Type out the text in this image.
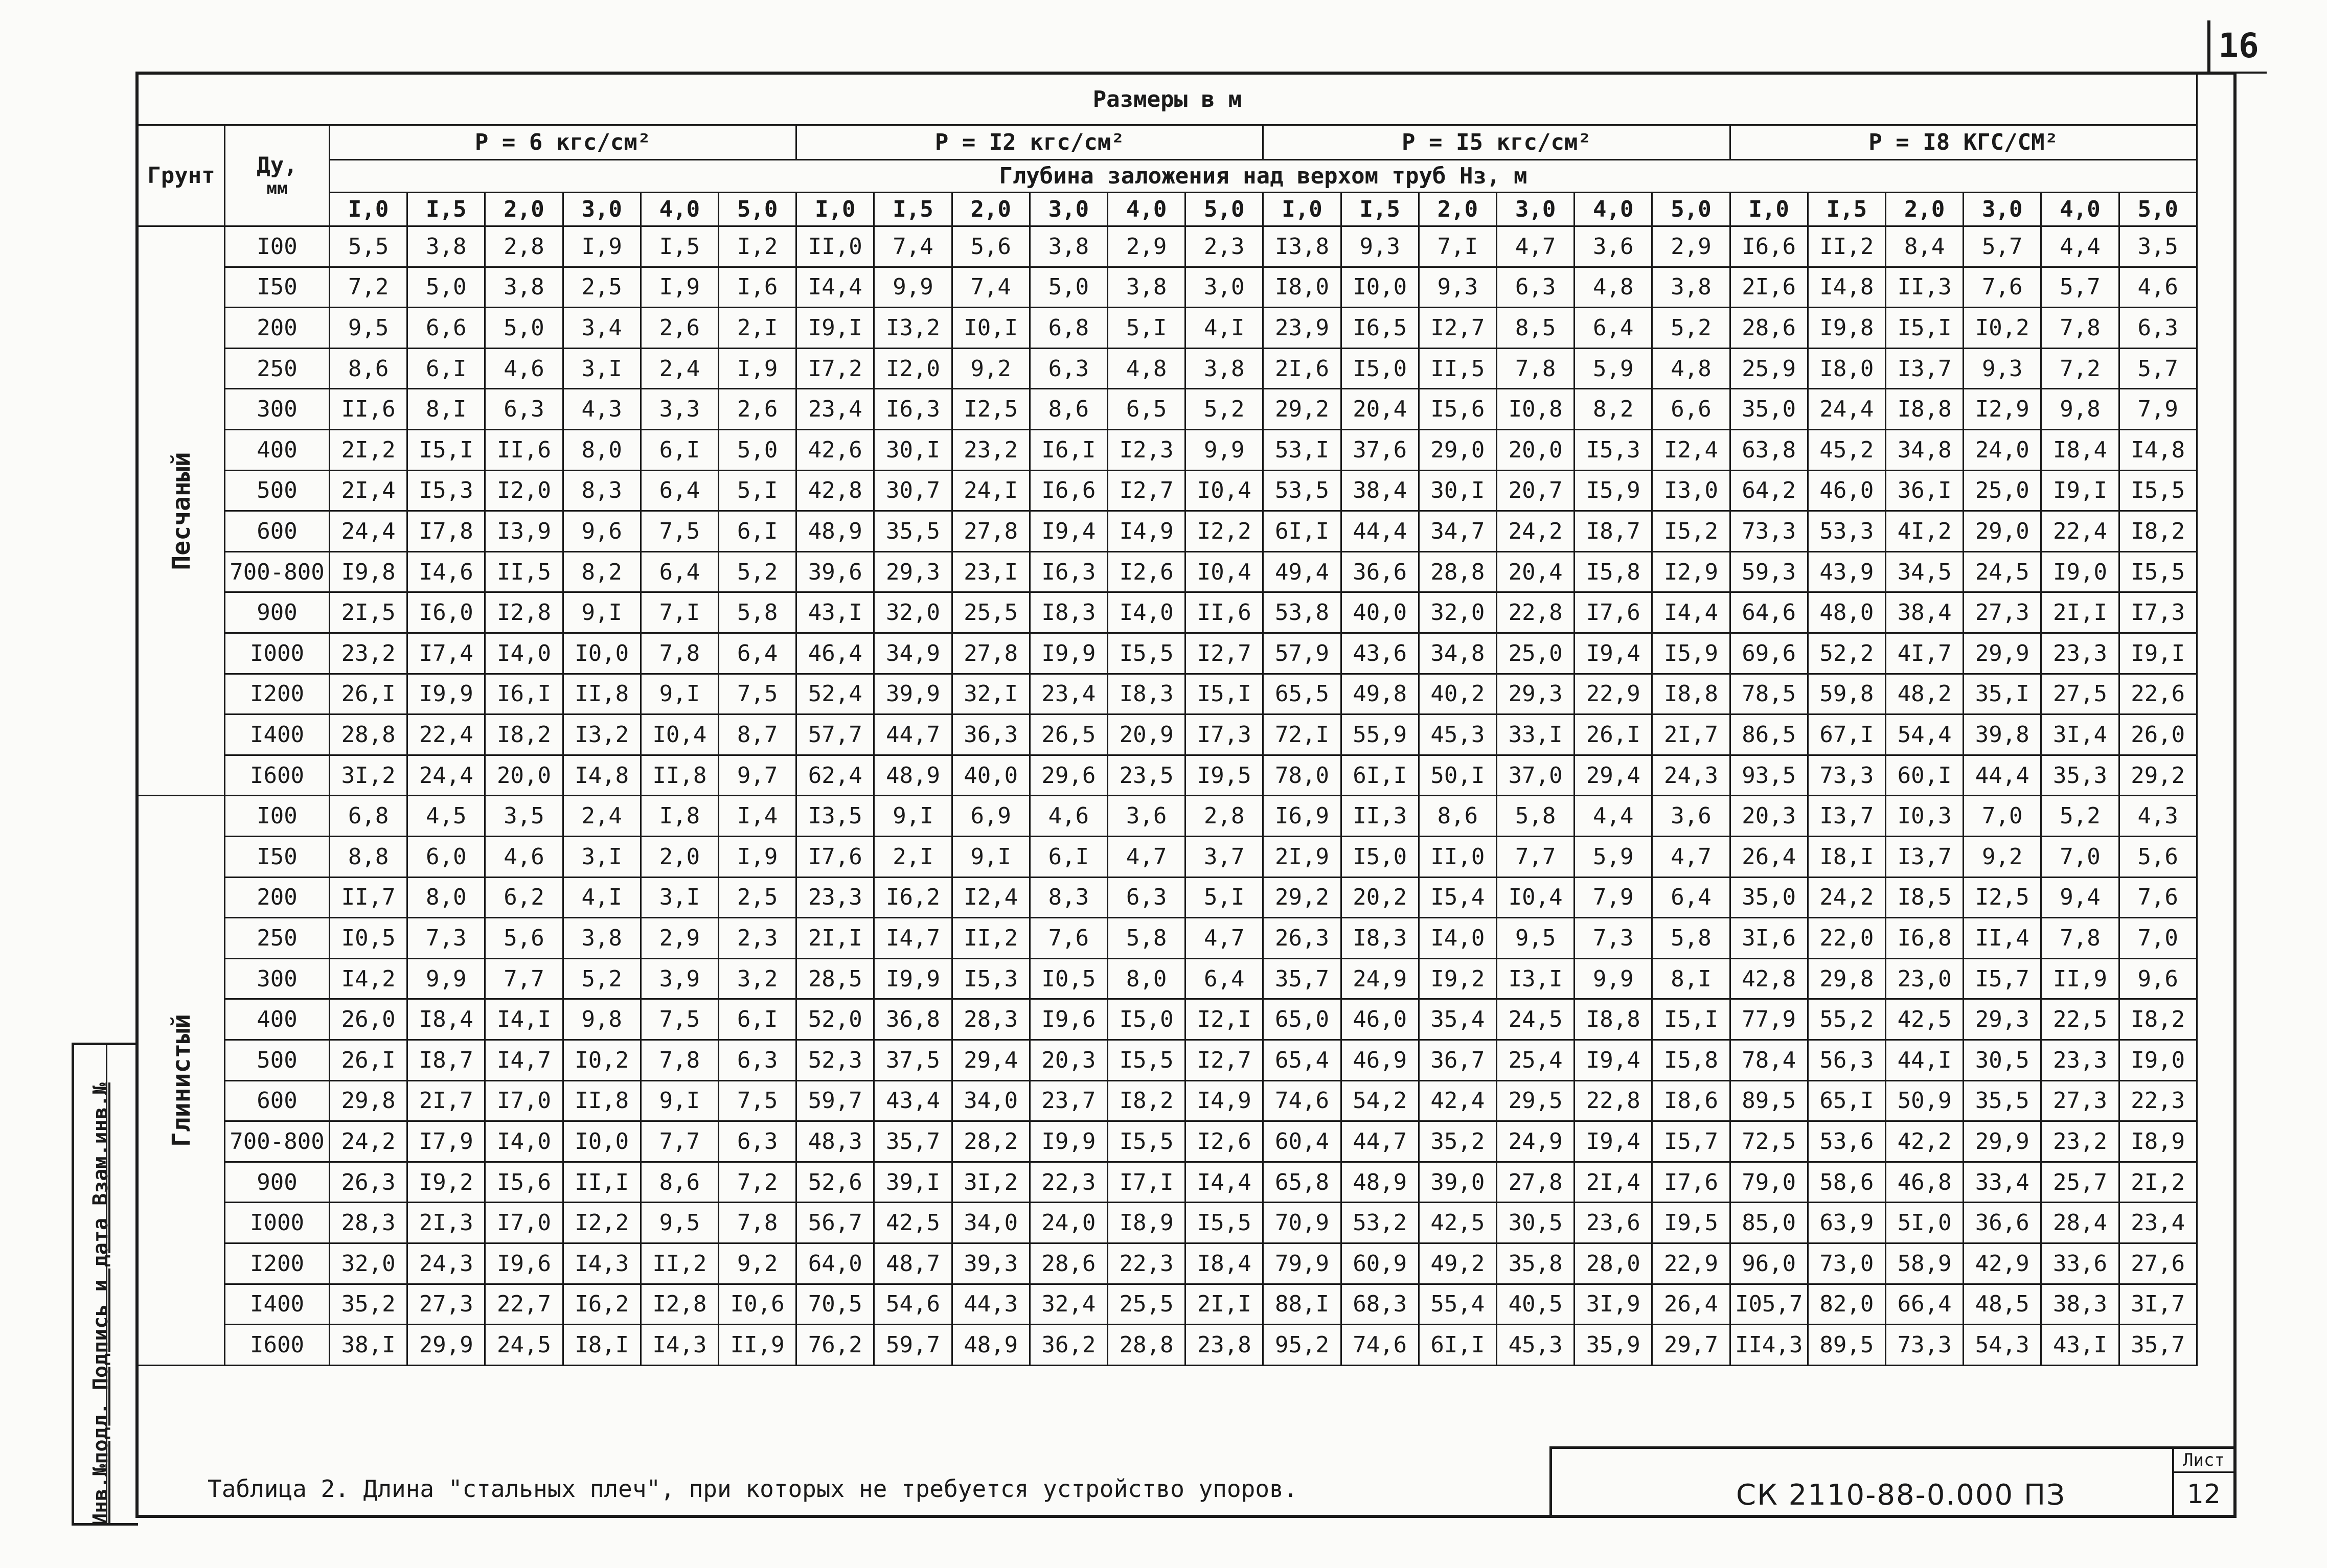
16
Инв.№подл. Подпись и дата Взам.инв.№
Размеры в м
Грунт	Ду,
мм
P = 6 кгс/см²	P = I2 кгс/см²	P = I5 кгс/см²	P = I8 КГС/СМ²
Глубина заложения над верхом труб Hз, м
I,0	I,5	2,0	3,0	4,0	5,0	I,0	I,5	2,0	3,0	4,0	5,0	I,0	I,5	2,0	3,0	4,0	5,0	I,0	I,5	2,0	3,0	4,0	5,0
Песчаный
I00	5,5	3,8	2,8	I,9	I,5	I,2	II,0	7,4	5,6	3,8	2,9	2,3	I3,8	9,3	7,I	4,7	3,6	2,9	I6,6	II,2	8,4	5,7	4,4	3,5
I50	7,2	5,0	3,8	2,5	I,9	I,6	I4,4	9,9	7,4	5,0	3,8	3,0	I8,0	I0,0	9,3	6,3	4,8	3,8	2I,6	I4,8	II,3	7,6	5,7	4,6
200	9,5	6,6	5,0	3,4	2,6	2,I	I9,I	I3,2	I0,I	6,8	5,I	4,I	23,9	I6,5	I2,7	8,5	6,4	5,2	28,6	I9,8	I5,I	I0,2	7,8	6,3
250	8,6	6,I	4,6	3,I	2,4	I,9	I7,2	I2,0	9,2	6,3	4,8	3,8	2I,6	I5,0	II,5	7,8	5,9	4,8	25,9	I8,0	I3,7	9,3	7,2	5,7
300	II,6	8,I	6,3	4,3	3,3	2,6	23,4	I6,3	I2,5	8,6	6,5	5,2	29,2	20,4	I5,6	I0,8	8,2	6,6	35,0	24,4	I8,8	I2,9	9,8	7,9
400	2I,2	I5,I	II,6	8,0	6,I	5,0	42,6	30,I	23,2	I6,I	I2,3	9,9	53,I	37,6	29,0	20,0	I5,3	I2,4	63,8	45,2	34,8	24,0	I8,4	I4,8
500	2I,4	I5,3	I2,0	8,3	6,4	5,I	42,8	30,7	24,I	I6,6	I2,7	I0,4	53,5	38,4	30,I	20,7	I5,9	I3,0	64,2	46,0	36,I	25,0	I9,I	I5,5
600	24,4	I7,8	I3,9	9,6	7,5	6,I	48,9	35,5	27,8	I9,4	I4,9	I2,2	6I,I	44,4	34,7	24,2	I8,7	I5,2	73,3	53,3	4I,2	29,0	22,4	I8,2
700-800 I9,8	I4,6	II,5	8,2	6,4	5,2	39,6	29,3	23,I	I6,3	I2,6	I0,4	49,4	36,6	28,8	20,4	I5,8	I2,9	59,3	43,9	34,5	24,5	I9,0	I5,5
900	2I,5	I6,0	I2,8	9,I	7,I	5,8	43,I	32,0	25,5	I8,3	I4,0	II,6	53,8	40,0	32,0	22,8	I7,6	I4,4	64,6	48,0	38,4	27,3	2I,I	I7,3
I000	23,2	I7,4	I4,0	I0,0	7,8	6,4	46,4	34,9	27,8	I9,9	I5,5	I2,7	57,9	43,6	34,8	25,0	I9,4	I5,9	69,6	52,2	4I,7	29,9	23,3	I9,I
I200	26,I	I9,9	I6,I	II,8	9,I	7,5	52,4	39,9	32,I	23,4	I8,3	I5,I	65,5	49,8	40,2	29,3	22,9	I8,8	78,5	59,8	48,2	35,I	27,5	22,6
I400	28,8	22,4	I8,2	I3,2	I0,4	8,7	57,7	44,7	36,3	26,5	20,9	I7,3	72,I	55,9	45,3	33,I	26,I	2I,7	86,5	67,I	54,4	39,8	3I,4	26,0
I600	3I,2	24,4	20,0	I4,8	II,8	9,7	62,4	48,9	40,0	29,6	23,5	I9,5	78,0	6I,I	50,I	37,0	29,4	24,3	93,5	73,3	60,I	44,4	35,3	29,2
Глинистый
I00	6,8	4,5	3,5	2,4	I,8	I,4	I3,5	9,I	6,9	4,6	3,6	2,8	I6,9	II,3	8,6	5,8	4,4	3,6	20,3	I3,7	I0,3	7,0	5,2	4,3
I50	8,8	6,0	4,6	3,I	2,0	I,9	I7,6	2,I	9,I	6,I	4,7	3,7	2I,9	I5,0	II,0	7,7	5,9	4,7	26,4	I8,I	I3,7	9,2	7,0	5,6
200	II,7	8,0	6,2	4,I	3,I	2,5	23,3	I6,2	I2,4	8,3	6,3	5,I	29,2	20,2	I5,4	I0,4	7,9	6,4	35,0	24,2	I8,5	I2,5	9,4	7,6
250	I0,5	7,3	5,6	3,8	2,9	2,3	2I,I	I4,7	II,2	7,6	5,8	4,7	26,3	I8,3	I4,0	9,5	7,3	5,8	3I,6	22,0	I6,8	II,4	7,8	7,0
300	I4,2	9,9	7,7	5,2	3,9	3,2	28,5	I9,9	I5,3	I0,5	8,0	6,4	35,7	24,9	I9,2	I3,I	9,9	8,I	42,8	29,8	23,0	I5,7	II,9	9,6
400	26,0	I8,4	I4,I	9,8	7,5	6,I	52,0	36,8	28,3	I9,6	I5,0	I2,I	65,0	46,0	35,4	24,5	I8,8	I5,I	77,9	55,2	42,5	29,3	22,5	I8,2
500	26,I	I8,7	I4,7	I0,2	7,8	6,3	52,3	37,5	29,4	20,3	I5,5	I2,7	65,4	46,9	36,7	25,4	I9,4	I5,8	78,4	56,3	44,I	30,5	23,3	I9,0
600	29,8	2I,7	I7,0	II,8	9,I	7,5	59,7	43,4	34,0	23,7	I8,2	I4,9	74,6	54,2	42,4	29,5	22,8	I8,6	89,5	65,I	50,9	35,5	27,3	22,3
700-800 24,2	I7,9	I4,0	I0,0	7,7	6,3	48,3	35,7	28,2	I9,9	I5,5	I2,6	60,4	44,7	35,2	24,9	I9,4	I5,7	72,5	53,6	42,2	29,9	23,2	I8,9
900	26,3	I9,2	I5,6	II,I	8,6	7,2	52,6	39,I	3I,2	22,3	I7,I	I4,4	65,8	48,9	39,0	27,8	2I,4	I7,6	79,0	58,6	46,8	33,4	25,7	2I,2
I000	28,3	2I,3	I7,0	I2,2	9,5	7,8	56,7	42,5	34,0	24,0	I8,9	I5,5	70,9	53,2	42,5	30,5	23,6	I9,5	85,0	63,9	5I,0	36,6	28,4	23,4
I200	32,0	24,3	I9,6	I4,3	II,2	9,2	64,0	48,7	39,3	28,6	22,3	I8,4	79,9	60,9	49,2	35,8	28,0	22,9	96,0	73,0	58,9	42,9	33,6	27,6
I400	35,2	27,3	22,7	I6,2	I2,8	I0,6	70,5	54,6	44,3	32,4	25,5	2I,I	88,I	68,3	55,4	40,5	3I,9	26,4 I05,7 82,0	66,4	48,5	38,3	3I,7
I600	38,I	29,9	24,5	I8,I	I4,3	II,9	76,2	59,7	48,9	36,2	28,8	23,8	95,2	74,6	6I,I	45,3	35,9	29,7 II4,3 89,5	73,3	54,3	43,I	35,7
Таблица 2. Длина "стальных плеч", при которых не требуется устройство упоров.	СК 2110-88-0.000 ПЗ
Лист
12
